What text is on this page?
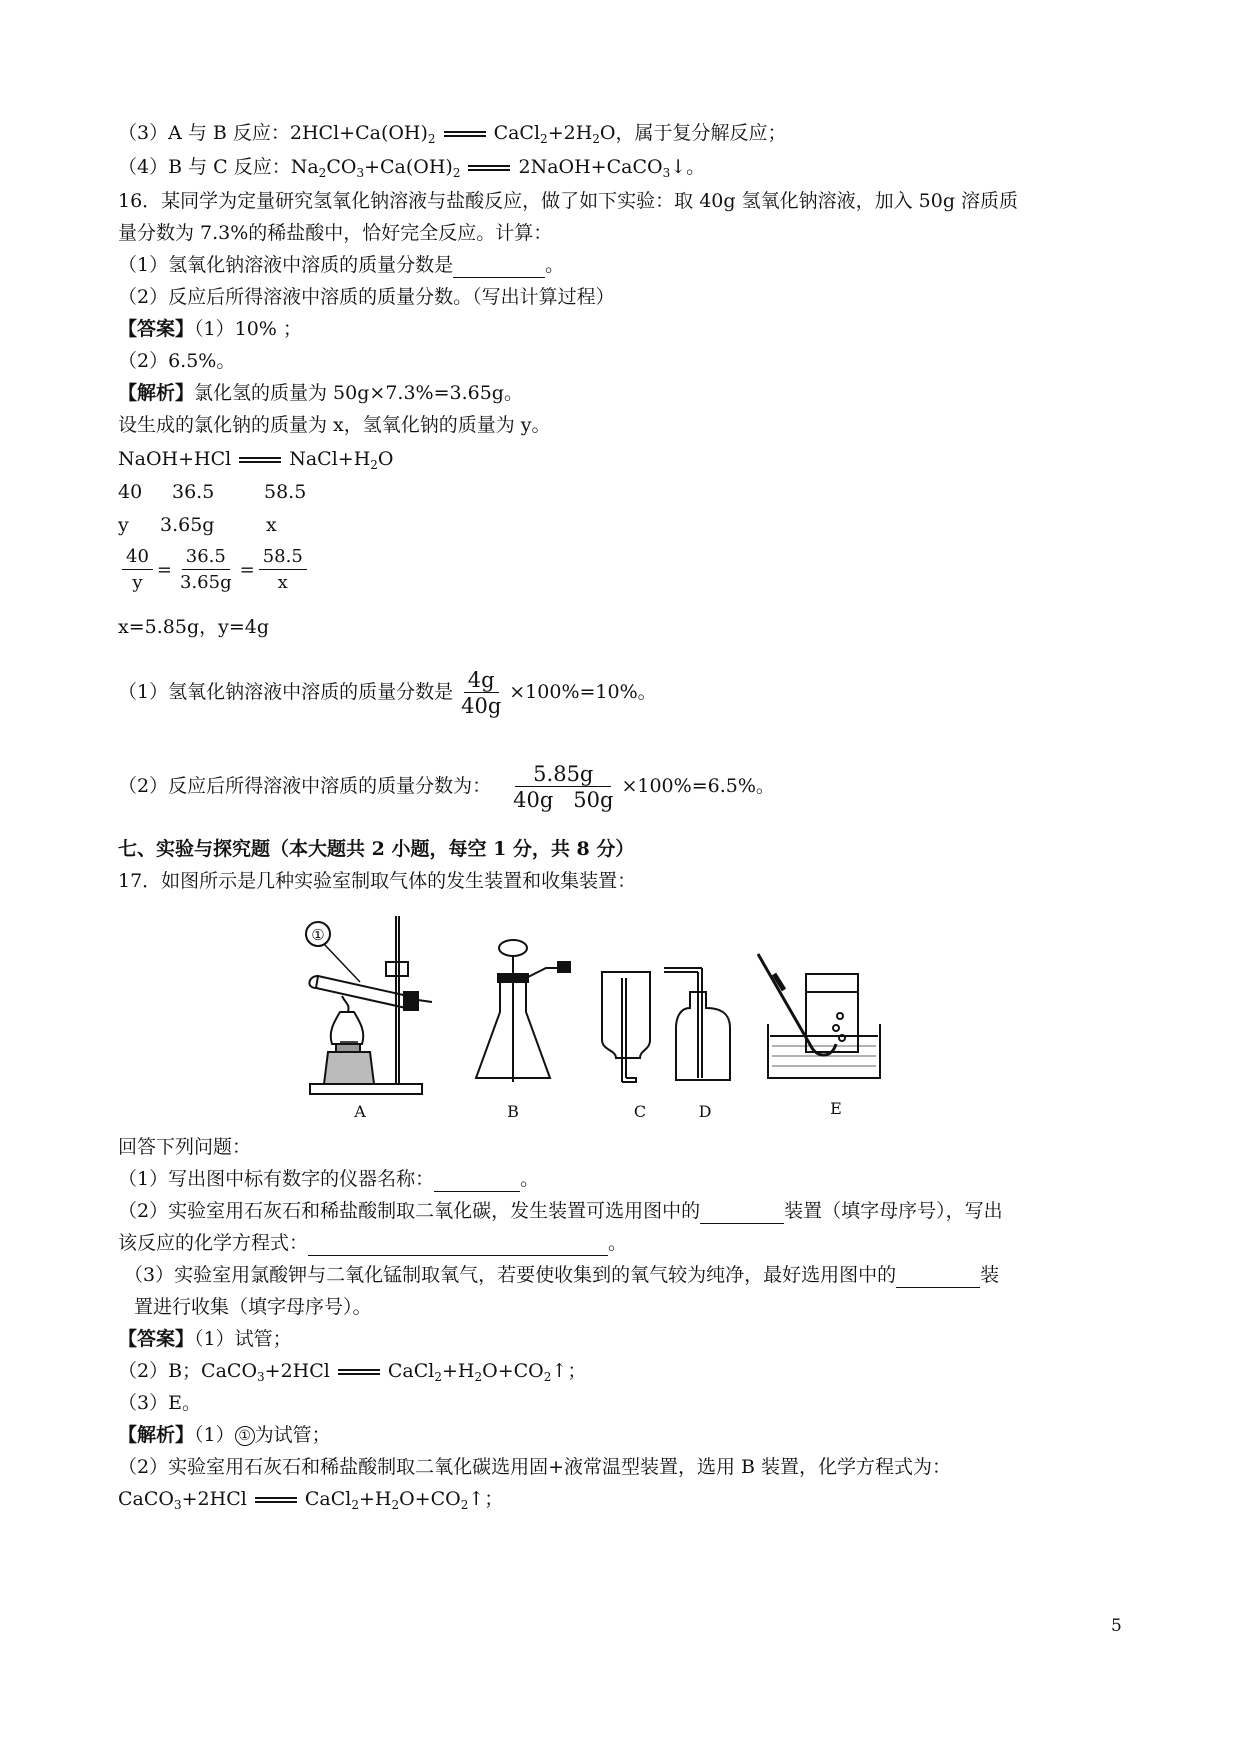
（3）A 与 B 反应：$2HCl+Ca(OH)_2$	$CaCl_2+2H_2O$，属于复分解反应；
（4）B 与 C 反应：$Na_2CO_3+Ca(OH)_2$	2NaOH+CaCO$_3$↓。
16．某同学为定量研究氢氧化钠溶液与盐酸反应，做了如下实验：取 40g 氢氧化钠溶液，加入 50g 溶质质
量分数为 7.3%的稀盐酸中，恰好完全反应。计算：
（1）氢氧化钠溶液中溶质的质量分数是	。
（2）反应后所得溶液中溶质的质量分数。（写出计算过程）
【答案】（1）10% ；
（2）6.5%。
【解析】氯化氢的质量为 50g×7.3%=3.65g。
设生成的氯化钠的质量为 x，氢氧化钠的质量为 y。
NaOH+HCl	$NaCl+H_2O$
40 36.5	58.5
y 3.65g	x
$\frac{40}{y} = \frac{36.5}{3.65g} = \frac{58.5}{x}$
x=5.85g，y=4g
（1）氢氧化钠溶液中溶质的质量分数是 $\frac{4g}{40g} \times 100\%=10\%$。
（2）反应后所得溶液中溶质的质量分数为： $\frac{5.85g}{40g 50g} \times 100\%=6.5\%$。
七、实验与探究题（本大题共 2 小题，每空 1 分，共 8 分）
17．如图所示是几种实验室制取气体的发生装置和收集装置：
①
A	B	C	D	E
回答下列问题：
（1）写出图中标有数字的仪器名称：	。
（2）实验室用石灰石和稀盐酸制取二氧化碳，发生装置可选用图中的	装置（填字母序号），写出
该反应的化学方程式：	。
（3）实验室用氯酸钾与二氧化锰制取氧气，若要使收集到的氧气较为纯净，最好选用图中的	装
置进行收集（填字母序号）。
【答案】（1）试管；
（2）B；CaCO$_3$+2HCl	$CaCl_2+H_2O+CO_2↑$；
（3）E。
【解析】（1） ① 为试管；
（2）实验室用石灰石和稀盐酸制取二氧化碳选用固+液常温型装置，选用 B 装置，化学方程式为：
CaCO$_3$+2HCl	$CaCl_2+H_2O+CO_2↑$；
5
